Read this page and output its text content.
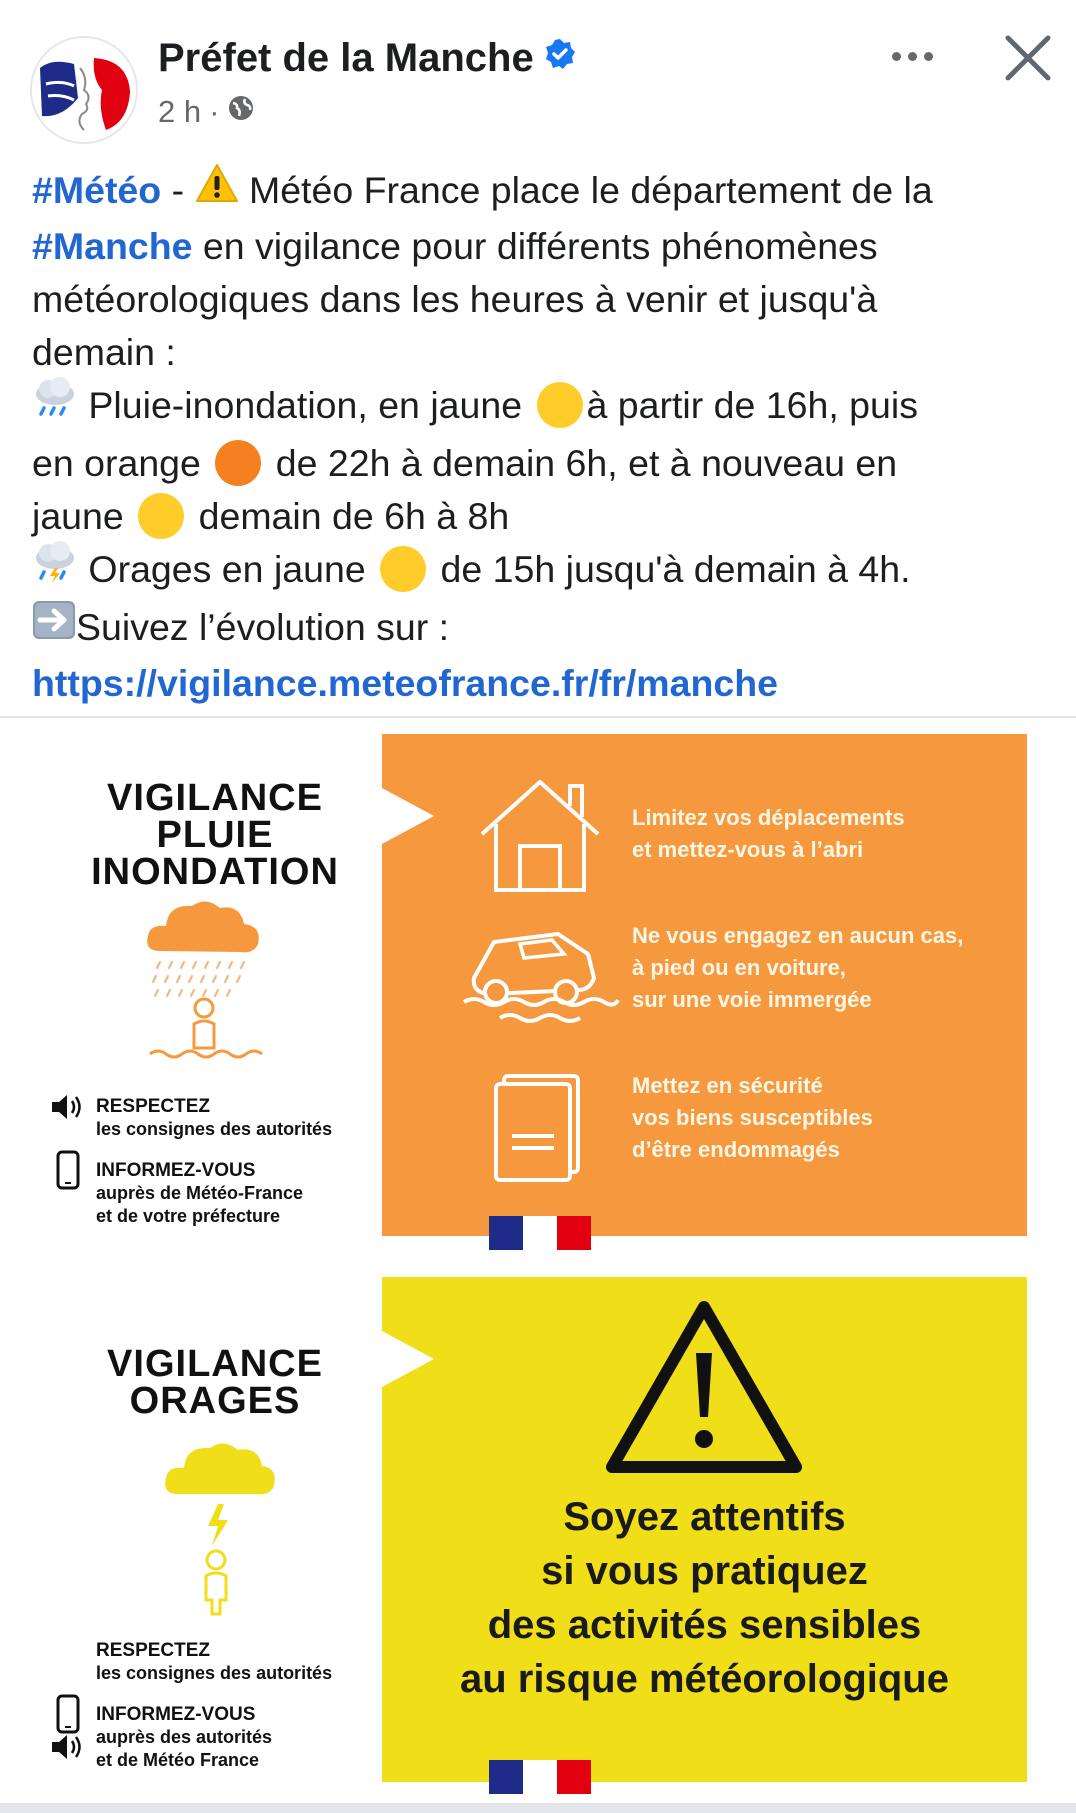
Préfet de la Manche
2 h ·
#Météo -  Météo France place le département de la
#Manche en vigilance pour différents phénomènes
météorologiques dans les heures à venir et jusqu'à
demain :
Pluie-inondation, en jaune à partir de 16h, puis
en orange  de 22h à demain 6h, et à nouveau en
jaune  demain de 6h à 8h
Orages en jaune  de 15h jusqu'à demain à 4h.
Suivez l’évolution sur :
https://vigilance.meteofrance.fr/fr/manche
VIGILANCE
PLUIE
INONDATION
RESPECTEZ
les consignes des autorités
INFORMEZ-VOUS
auprès de Météo-France
et de votre préfecture
Limitez vos déplacements
et mettez-vous à l’abri
Ne vous engagez en aucun cas,
à pied ou en voiture,
sur une voie immergée
Mettez en sécurité
vos biens susceptibles
d’être endommagés
VIGILANCE
ORAGES
RESPECTEZ
les consignes des autorités
INFORMEZ-VOUS
auprès des autorités
et de Météo France
Soyez attentifs
si vous pratiquez
des activités sensibles
au risque météorologique
